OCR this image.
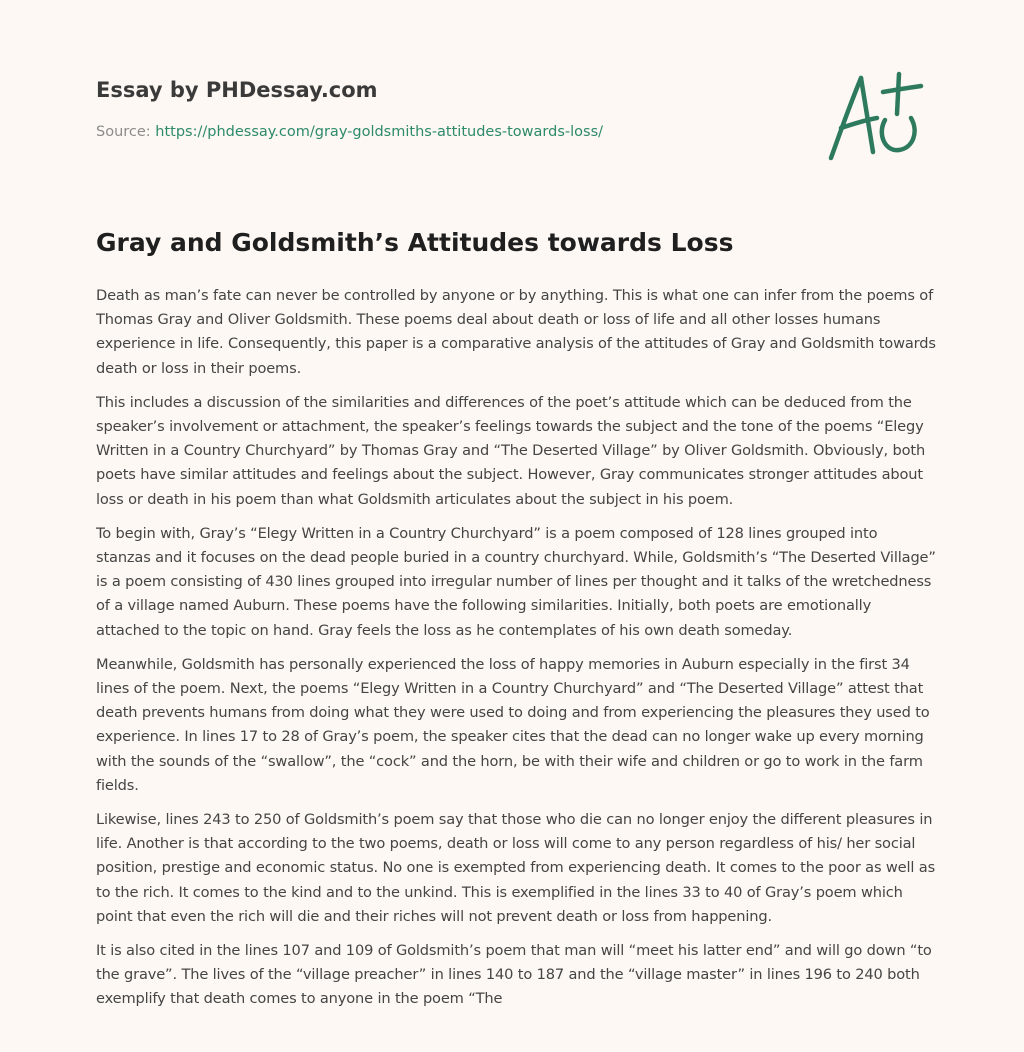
Essay by PHDessay.com
Source: https://phdessay.com/gray-goldsmiths-attitudes-towards-loss/
Gray and Goldsmith’s Attitudes towards Loss

Death as man’s fate can never be controlled by anyone or by anything. This is what one can infer from the poems of Thomas Gray and Oliver Goldsmith. These poems deal about death or loss of life and all other losses humans experience in life. Consequently, this paper is a comparative analysis of the attitudes of Gray and Goldsmith towards death or loss in their poems.

This includes a discussion of the similarities and differences of the poet’s attitude which can be deduced from the speaker’s involvement or attachment, the speaker’s feelings towards the subject and the tone of the poems “Elegy Written in a Country Churchyard” by Thomas Gray and “The Deserted Village” by Oliver Goldsmith. Obviously, both poets have similar attitudes and feelings about the subject. However, Gray communicates stronger attitudes about loss or death in his poem than what Goldsmith articulates about the subject in his poem.

To begin with, Gray’s “Elegy Written in a Country Churchyard” is a poem composed of 128 lines grouped into stanzas and it focuses on the dead people buried in a country churchyard. While, Goldsmith’s “The Deserted Village” is a poem consisting of 430 lines grouped into irregular number of lines per thought and it talks of the wretchedness of a village named Auburn. These poems have the following similarities. Initially, both poets are emotionally attached to the topic on hand. Gray feels the loss as he contemplates of his own death someday.

Meanwhile, Goldsmith has personally experienced the loss of happy memories in Auburn especially in the first 34 lines of the poem. Next, the poems “Elegy Written in a Country Churchyard” and “The Deserted Village” attest that death prevents humans from doing what they were used to doing and from experiencing the pleasures they used to experience. In lines 17 to 28 of Gray’s poem, the speaker cites that the dead can no longer wake up every morning with the sounds of the “swallow”, the “cock” and the horn, be with their wife and children or go to work in the farm fields.

Likewise, lines 243 to 250 of Goldsmith’s poem say that those who die can no longer enjoy the different pleasures in life. Another is that according to the two poems, death or loss will come to any person regardless of his/ her social position, prestige and economic status. No one is exempted from experiencing death. It comes to the poor as well as to the rich. It comes to the kind and to the unkind. This is exemplified in the lines 33 to 40 of Gray’s poem which point that even the rich will die and their riches will not prevent death or loss from happening.

It is also cited in the lines 107 and 109 of Goldsmith’s poem that man will “meet his latter end” and will go down “to the grave”. The lives of the “village preacher” in lines 140 to 187 and the “village master” in lines 196 to 240 both exemplify that death comes to anyone in the poem “The
